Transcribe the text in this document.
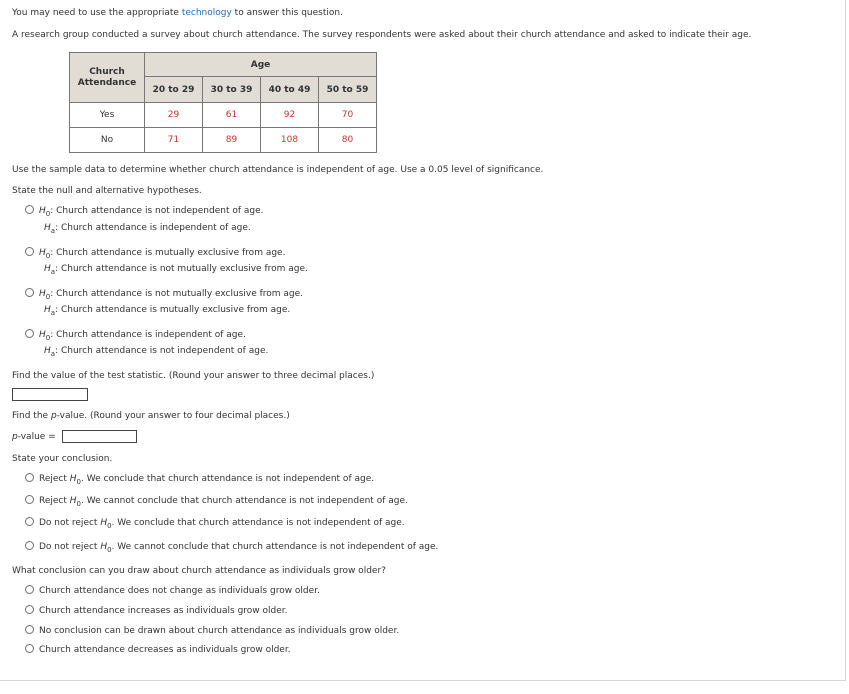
You may need to use the appropriate technology to answer this question.
A research group conducted a survey about church attendance. The survey respondents were asked about their church attendance and asked to indicate their age.
Church
Attendance	Age			
	20 to 29	30 to 39	40 to 49	50 to 59
Yes	29	61	92	70
No	71	89	108	80
Use the sample data to determine whether church attendance is independent of age. Use a 0.05 level of significance.
State the null and alternative hypotheses.
$H_0$: Church attendance is not independent of age.
$H_a$: Church attendance is independent of age.
$H_0$: Church attendance is mutually exclusive from age.
$H_a$: Church attendance is not mutually exclusive from age.
$H_0$: Church attendance is not mutually exclusive from age.
$H_a$: Church attendance is mutually exclusive from age.
$H_0$: Church attendance is independent of age.
$H_a$: Church attendance is not independent of age.
Find the value of the test statistic. (Round your answer to three decimal places.)
Find the p-value. (Round your answer to four decimal places.)
p-value =
State your conclusion.
Reject $H_0$. We conclude that church attendance is not independent of age.
Reject $H_0$. We cannot conclude that church attendance is not independent of age.
Do not reject $H_0$. We conclude that church attendance is not independent of age.
Do not reject $H_0$. We cannot conclude that church attendance is not independent of age.
What conclusion can you draw about church attendance as individuals grow older?
Church attendance does not change as individuals grow older.
Church attendance increases as individuals grow older.
No conclusion can be drawn about church attendance as individuals grow older.
Church attendance decreases as individuals grow older.
